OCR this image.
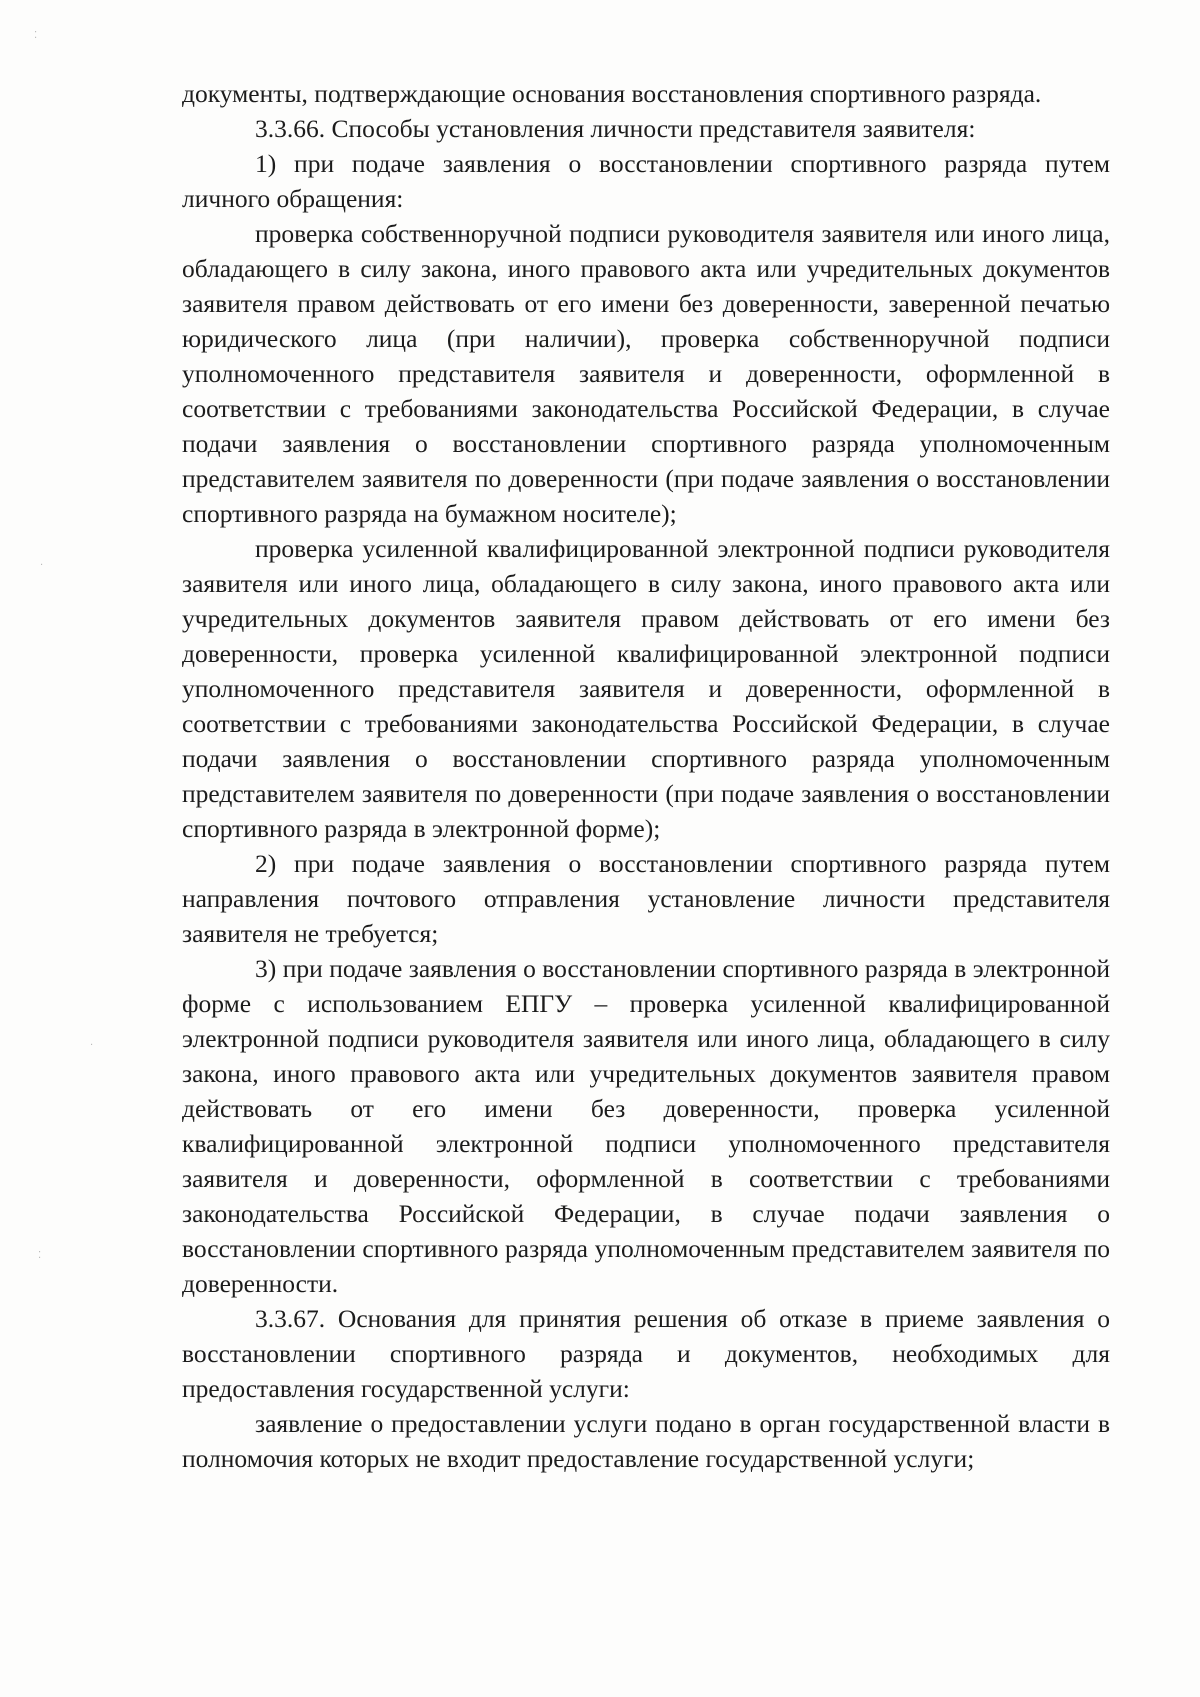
документы, подтверждающие основания восстановления спортивного разряда.

3.3.66. Способы установления личности представителя заявителя:

1) при подаче заявления о восстановлении спортивного разряда путем личного обращения:

проверка собственноручной подписи руководителя заявителя или иного лица, обладающего в силу закона, иного правового акта или учредительных документов заявителя правом действовать от его имени без доверенности, заверенной печатью юридического лица (при наличии), проверка собственноручной подписи уполномоченного представителя заявителя и доверенности, оформленной в соответствии с требованиями законодательства Российской Федерации, в случае подачи заявления о восстановлении спортивного разряда уполномоченным представителем заявителя по доверенности (при подаче заявления о восстановлении спортивного разряда на бумажном носителе);

проверка усиленной квалифицированной электронной подписи руководителя заявителя или иного лица, обладающего в силу закона, иного правового акта или учредительных документов заявителя правом действовать от его имени без доверенности, проверка усиленной квалифицированной электронной подписи уполномоченного представителя заявителя и доверенности, оформленной в соответствии с требованиями законодательства Российской Федерации, в случае подачи заявления о восстановлении спортивного разряда уполномоченным представителем заявителя по доверенности (при подаче заявления о восстановлении спортивного разряда в электронной форме);

2) при подаче заявления о восстановлении спортивного разряда путем направления почтового отправления установление личности представителя заявителя не требуется;

3) при подаче заявления о восстановлении спортивного разряда в электронной форме с использованием ЕПГУ – проверка усиленной квалифицированной электронной подписи руководителя заявителя или иного лица, обладающего в силу закона, иного правового акта или учредительных документов заявителя правом действовать от его имени без доверенности, проверка усиленной квалифицированной электронной подписи уполномоченного представителя заявителя и доверенности, оформленной в соответствии с требованиями законодательства Российской Федерации, в случае подачи заявления о восстановлении спортивного разряда уполномоченным представителем заявителя по доверенности.

3.3.67. Основания для принятия решения об отказе в приеме заявления о восстановлении спортивного разряда и документов, необходимых для предоставления государственной услуги:

заявление о предоставлении услуги подано в орган государственной власти в полномочия которых не входит предоставление государственной услуги;

⁚
·
·
⁚
